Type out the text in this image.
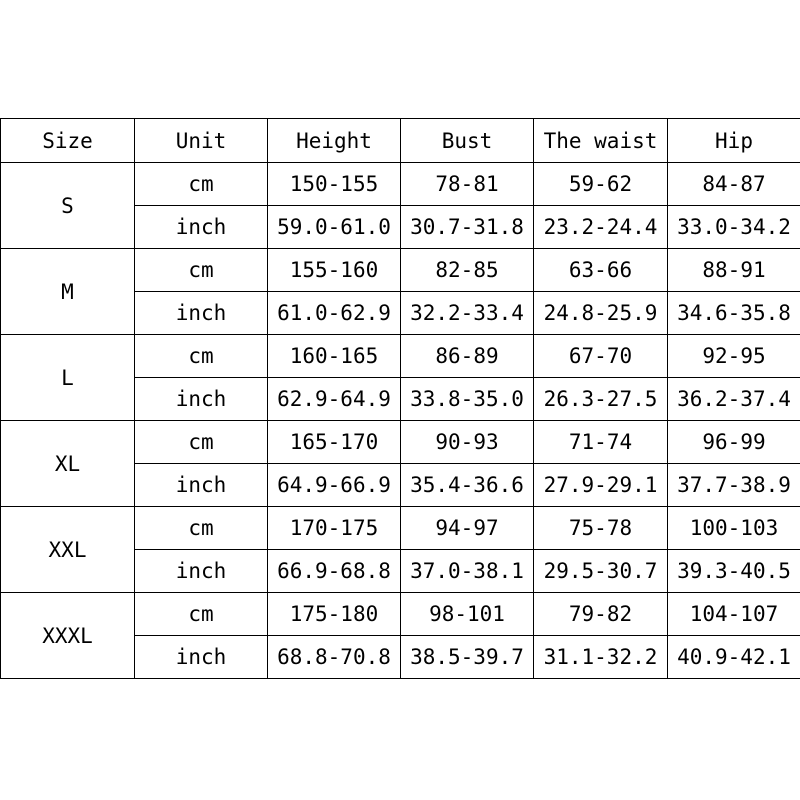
Size	Unit	Height	Bust	The waist	Hip
S	cm	150-155	78-81	59-62	84-87
	inch	59.0-61.0	30.7-31.8	23.2-24.4	33.0-34.2
M	cm	155-160	82-85	63-66	88-91
	inch	61.0-62.9	32.2-33.4	24.8-25.9	34.6-35.8
L	cm	160-165	86-89	67-70	92-95
	inch	62.9-64.9	33.8-35.0	26.3-27.5	36.2-37.4
XL	cm	165-170	90-93	71-74	96-99
	inch	64.9-66.9	35.4-36.6	27.9-29.1	37.7-38.9
XXL	cm	170-175	94-97	75-78	100-103
	inch	66.9-68.8	37.0-38.1	29.5-30.7	39.3-40.5
XXXL	cm	175-180	98-101	79-82	104-107
	inch	68.8-70.8	38.5-39.7	31.1-32.2	40.9-42.1
